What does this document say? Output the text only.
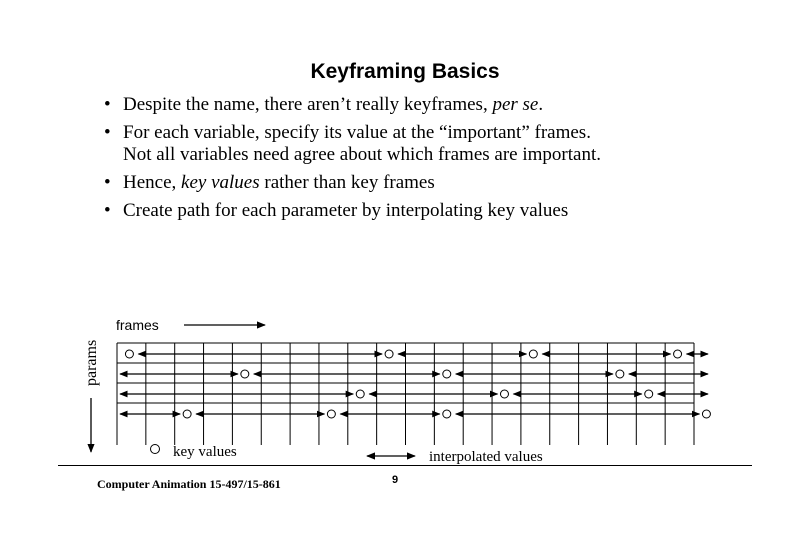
Keyframing Basics
• Despite the name, there aren’t really keyframes, per se.
• For each variable, specify its value at the “important” frames.
Not all variables need agree about which frames are important.
• Hence, key values rather than key frames
• Create path for each parameter by interpolating key values
frames
params
key values	interpolated values
Computer Animation 15-497/15-861	9
